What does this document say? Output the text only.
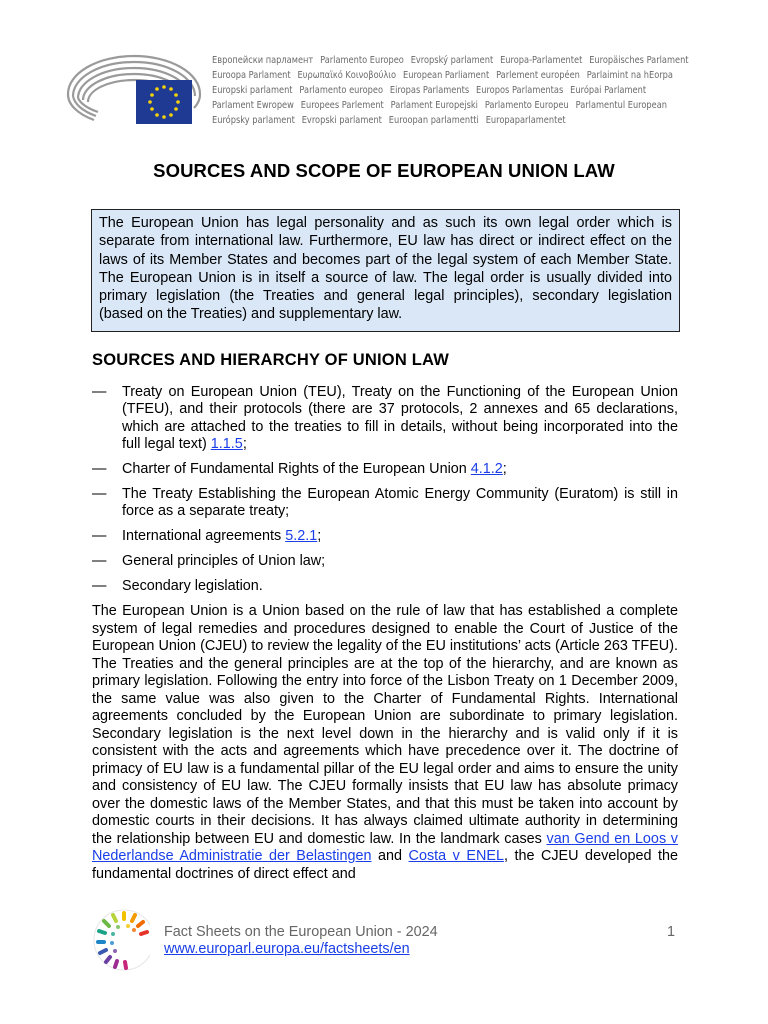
Европейски парламент Parlamento Europeo Evropský parlament Europa-Parlamentet Europäisches Parlament
Euroopa Parlament Ευρωπαϊκό Κοινοβούλιο European Parliament Parlement européen Parlaimint na hEorpa
Europski parlament Parlamento europeo Eiropas Parlaments Europos Parlamentas Európai Parlament
Parlament Ewropew Europees Parlement Parlament Europejski Parlamento Europeu Parlamentul European
Európsky parlament Evropski parlament Euroopan parlamentti Europaparlamentet
SOURCES AND SCOPE OF EUROPEAN UNION LAW
The European Union has legal personality and as such its own legal order which is separate from international law. Furthermore, EU law has direct or indirect effect on the laws of its Member States and becomes part of the legal system of each Member State. The European Union is in itself a source of law. The legal order is usually divided into primary legislation (the Treaties and general legal principles), secondary legislation (based on the Treaties) and supplementary law.
SOURCES AND HIERARCHY OF UNION LAW
— Treaty on European Union (TEU), Treaty on the Functioning of the European Union (TFEU), and their protocols (there are 37 protocols, 2 annexes and 65 declarations, which are attached to the treaties to fill in details, without being incorporated into the full legal text) 1.1.5;
— Charter of Fundamental Rights of the European Union 4.1.2;
— The Treaty Establishing the European Atomic Energy Community (Euratom) is still in force as a separate treaty;
— International agreements 5.2.1;
— General principles of Union law;
— Secondary legislation.

The European Union is a Union based on the rule of law that has established a complete system of legal remedies and procedures designed to enable the Court of Justice of the European Union (CJEU) to review the legality of the EU institutions’ acts (Article 263 TFEU). The Treaties and the general principles are at the top of the hierarchy, and are known as primary legislation. Following the entry into force of the Lisbon Treaty on 1 December 2009, the same value was also given to the Charter of Fundamental Rights. International agreements concluded by the European Union are subordinate to primary legislation. Secondary legislation is the next level down in the hierarchy and is valid only if it is consistent with the acts and agreements which have precedence over it. The doctrine of primacy of EU law is a fundamental pillar of the EU legal order and aims to ensure the unity and consistency of EU law. The CJEU formally insists that EU law has absolute primacy over the domestic laws of the Member States, and that this must be taken into account by domestic courts in their decisions. It has always claimed ultimate authority in determining the relationship between EU and domestic law. In the landmark cases van Gend en Loos v Nederlandse Administratie der Belastingen and Costa v ENEL, the CJEU developed the fundamental doctrines of direct effect and

Fact Sheets on the European Union - 2024
www.europarl.europa.eu/factsheets/en
1
